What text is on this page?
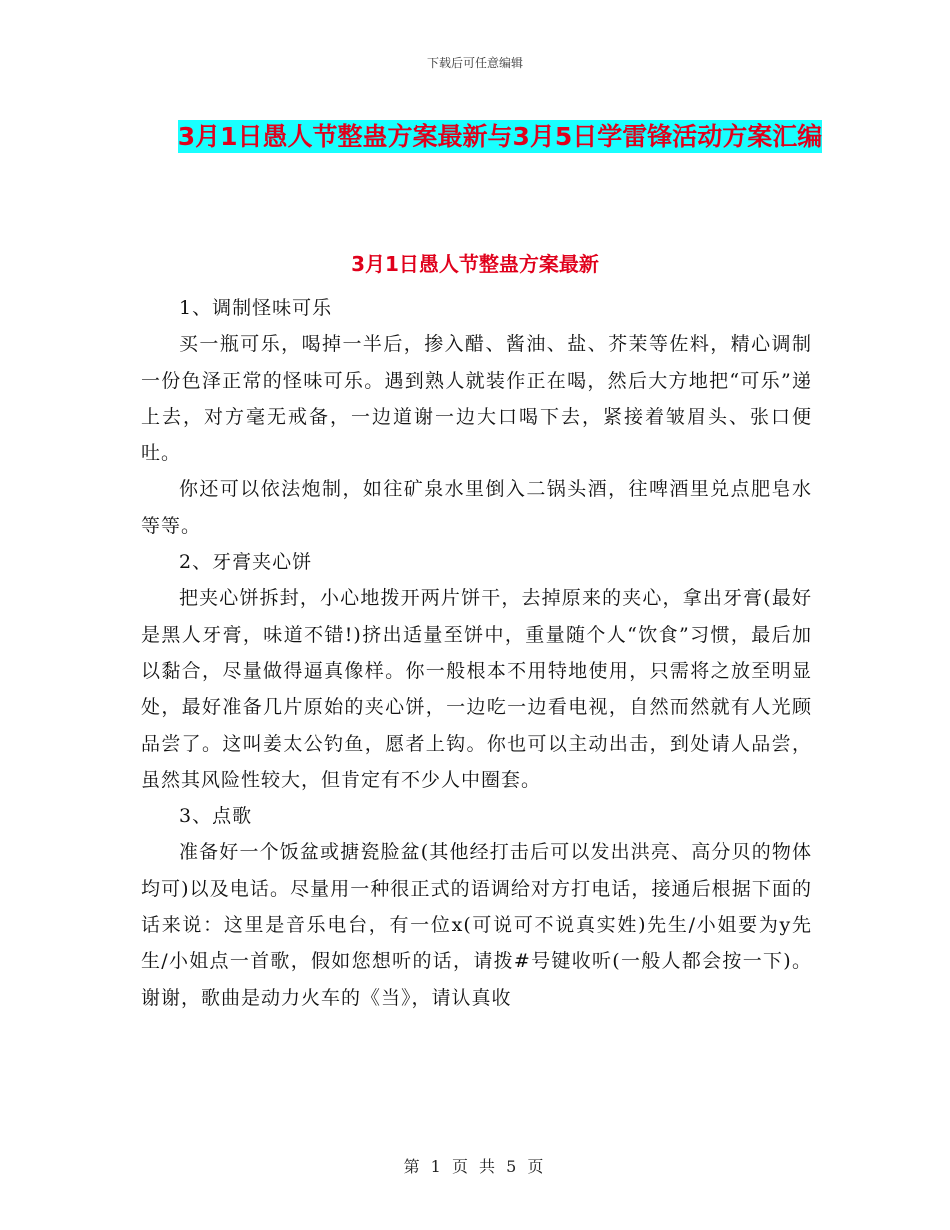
下载后可任意编辑
3月1日愚人节整蛊方案最新与3月5日学雷锋活动方案汇编
3月1日愚人节整蛊方案最新

1、调制怪味可乐

买一瓶可乐，喝掉一半后，掺入醋、酱油、盐、芥茉等佐料，精心调制一份色泽正常的怪味可乐。遇到熟人就装作正在喝，然后大方地把“可乐”递上去，对方毫无戒备，一边道谢一边大口喝下去，紧接着皱眉头、张口便吐。

你还可以依法炮制，如往矿泉水里倒入二锅头酒，往啤酒里兑点肥皂水等等。

2、牙膏夹心饼

把夹心饼拆封，小心地拨开两片饼干，去掉原来的夹心，拿出牙膏(最好是黑人牙膏，味道不错!)挤出适量至饼中，重量随个人“饮食”习惯，最后加以黏合，尽量做得逼真像样。你一般根本不用特地使用，只需将之放至明显处，最好准备几片原始的夹心饼，一边吃一边看电视，自然而然就有人光顾品尝了。这叫姜太公钓鱼，愿者上钩。你也可以主动出击，到处请人品尝，虽然其风险性较大，但肯定有不少人中圈套。

3、点歌

准备好一个饭盆或搪瓷脸盆(其他经打击后可以发出洪亮、高分贝的物体均可)以及电话。尽量用一种很正式的语调给对方打电话，接通后根据下面的话来说：这里是音乐电台，有一位x(可说可不说真实姓)先生/小姐要为y先生/小姐点一首歌，假如您想听的话，请拨#号键收听(一般人都会按一下)。谢谢，歌曲是动力火车的《当》，请认真收

第 1 页 共 5 页
